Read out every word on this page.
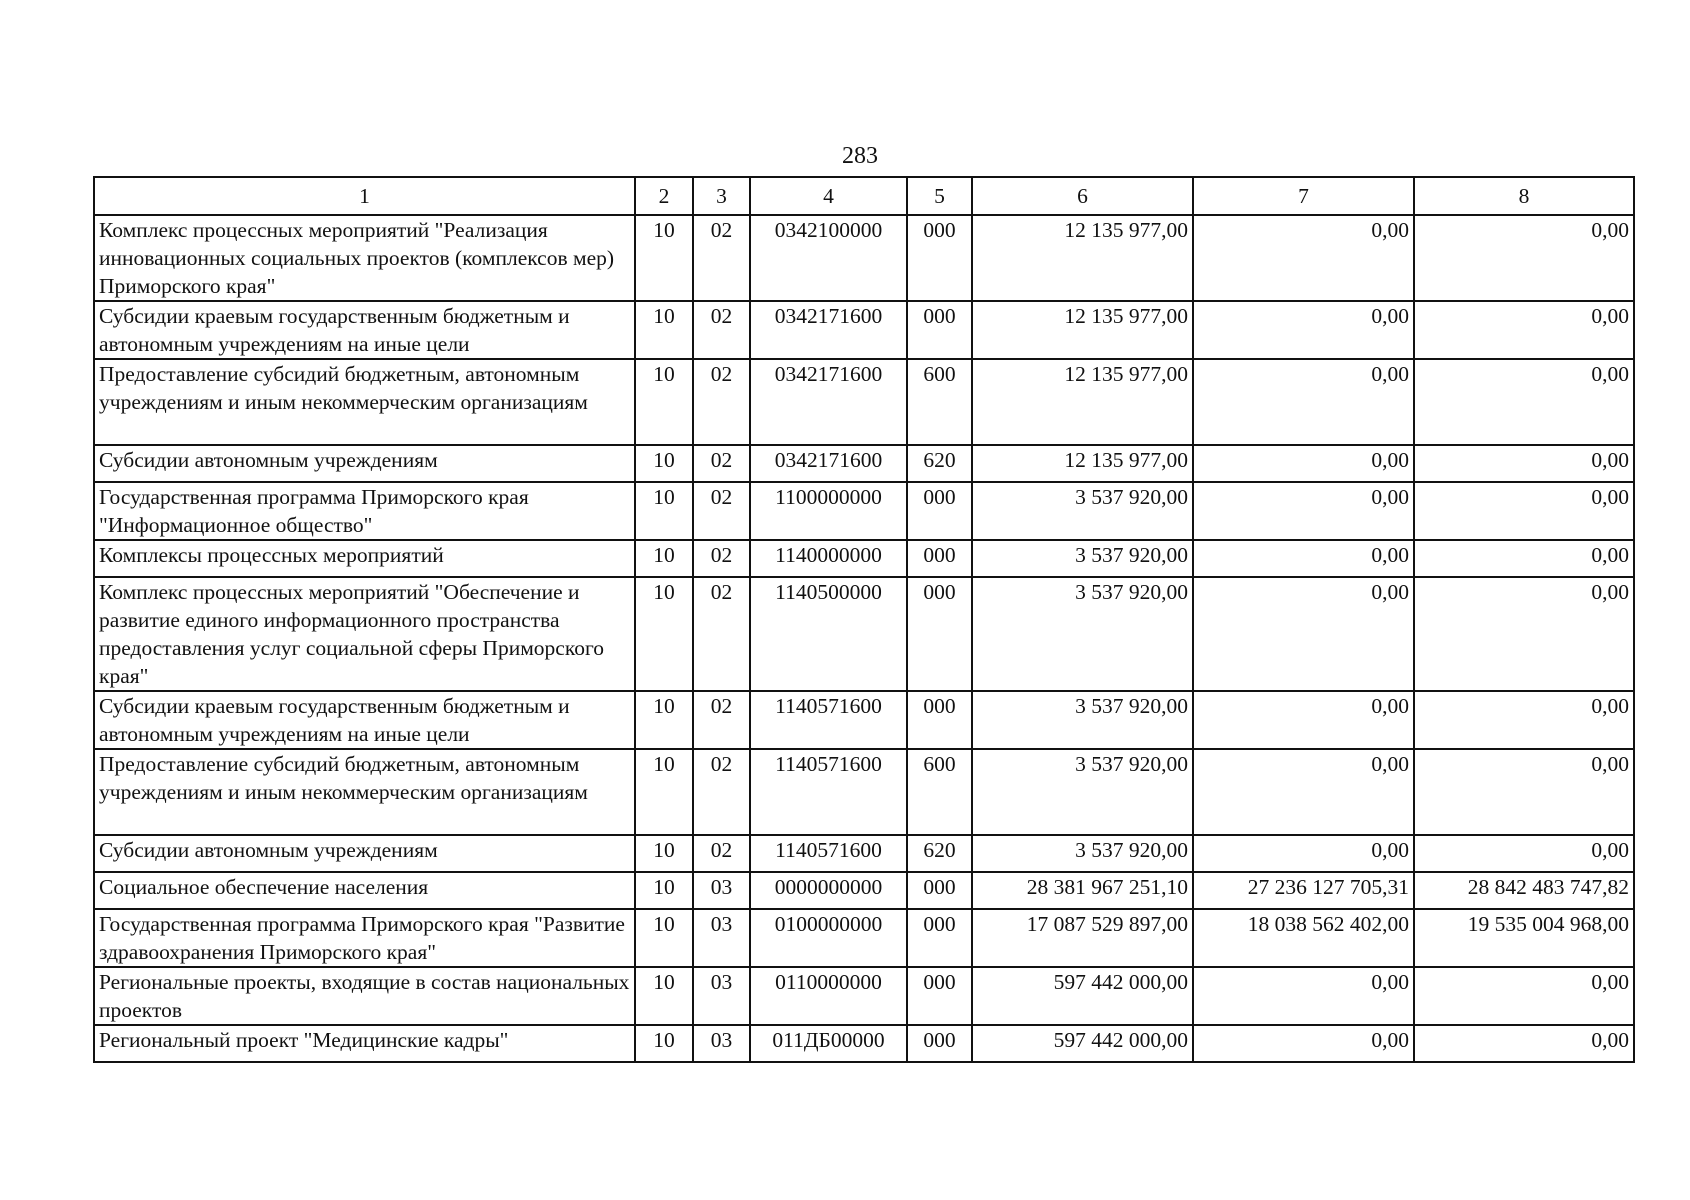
283
1	2	3	4	5	6	7	8
Комплекс процессных мероприятий "Реализация инновационных социальных проектов (комплексов мер) Приморского края"	10	02	0342100000	000	12 135 977,00	0,00	0,00
Субсидии краевым государственным бюджетным и автономным учреждениям на иные цели	10	02	0342171600	000	12 135 977,00	0,00	0,00
Предоставление субсидий бюджетным, автономным учреждениям и иным некоммерческим организациям	10	02	0342171600	600	12 135 977,00	0,00	0,00
Субсидии автономным учреждениям	10	02	0342171600	620	12 135 977,00	0,00	0,00
Государственная программа Приморского края "Информационное общество"	10	02	1100000000	000	3 537 920,00	0,00	0,00
Комплексы процессных мероприятий	10	02	1140000000	000	3 537 920,00	0,00	0,00
Комплекс процессных мероприятий "Обеспечение и развитие единого информационного пространства предоставления услуг социальной сферы Приморского края"	10	02	1140500000	000	3 537 920,00	0,00	0,00
Субсидии краевым государственным бюджетным и автономным учреждениям на иные цели	10	02	1140571600	000	3 537 920,00	0,00	0,00
Предоставление субсидий бюджетным, автономным учреждениям и иным некоммерческим организациям	10	02	1140571600	600	3 537 920,00	0,00	0,00
Субсидии автономным учреждениям	10	02	1140571600	620	3 537 920,00	0,00	0,00
Социальное обеспечение населения	10	03	0000000000	000	28 381 967 251,10	27 236 127 705,31	28 842 483 747,82
Государственная программа Приморского края "Развитие здравоохранения Приморского края"	10	03	0100000000	000	17 087 529 897,00	18 038 562 402,00	19 535 004 968,00
Региональные проекты, входящие в состав национальных проектов	10	03	0110000000	000	597 442 000,00	0,00	0,00
Региональный проект "Медицинские кадры"	10	03	011ДБ00000	000	597 442 000,00	0,00	0,00
